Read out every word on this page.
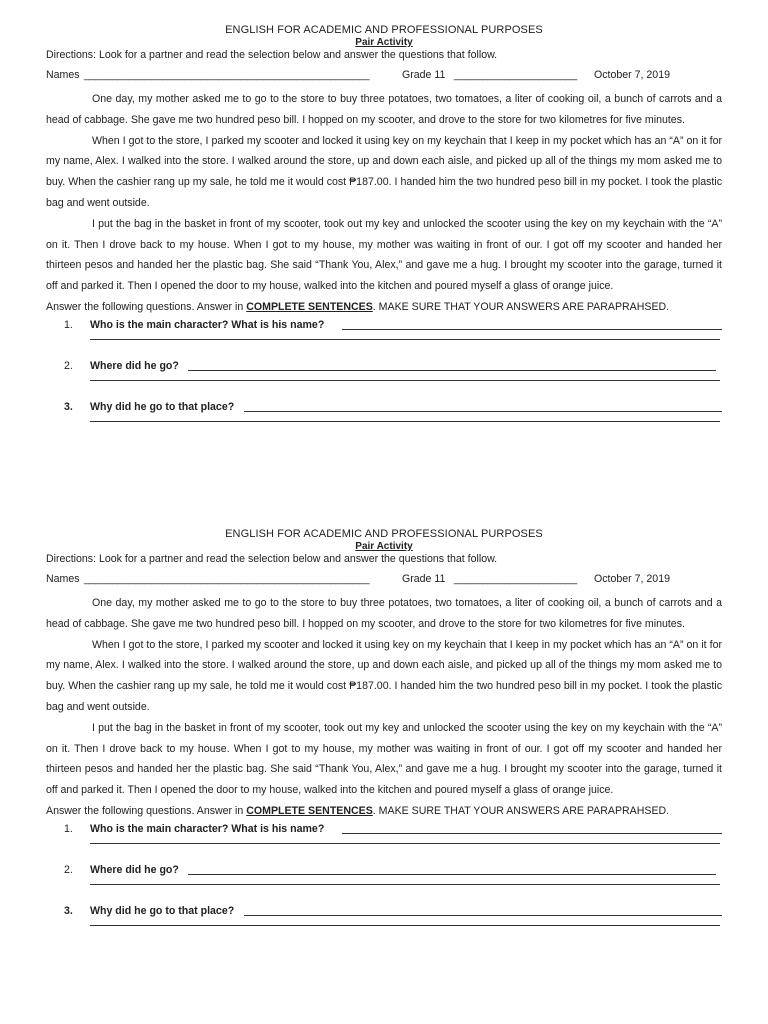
ENGLISH FOR ACADEMIC AND PROFESSIONAL PURPOSES
Pair Activity
Directions: Look for a partner and read the selection below and answer the questions that follow.
Names ___________________________________________________	Grade 11 ______________________ October 7, 2019

One day, my mother asked me to go to the store to buy three potatoes, two tomatoes, a liter of cooking oil, a bunch of carrots and a head of cabbage. She gave me two hundred peso bill. I hopped on my scooter, and drove to the store for two kilometres for five minutes.

When I got to the store, I parked my scooter and locked it using key on my keychain that I keep in my pocket which has an “A” on it for my name, Alex. I walked into the store. I walked around the store, up and down each aisle, and picked up all of the things my mom asked me to buy. When the cashier rang up my sale, he told me it would cost ₱187.00. I handed him the two hundred peso bill in my pocket. I took the plastic bag and went outside.

I put the bag in the basket in front of my scooter, took out my key and unlocked the scooter using the key on my keychain with the “A” on it. Then I drove back to my house. When I got to my house, my mother was waiting in front of our. I got off my scooter and handed her thirteen pesos and handed her the plastic bag. She said “Thank You, Alex,” and gave me a hug. I brought my scooter into the garage, turned it off and parked it. Then I opened the door to my house, walked into the kitchen and poured myself a glass of orange juice.

Answer the following questions. Answer in COMPLETE SENTENCES. MAKE SURE THAT YOUR ANSWERS ARE PARAPRAHSED.
1. Who is the main character? What is his name?
2. Where did he go?
3. Why did he go to that place?
ENGLISH FOR ACADEMIC AND PROFESSIONAL PURPOSES
Pair Activity
Directions: Look for a partner and read the selection below and answer the questions that follow.
Names ___________________________________________________	Grade 11 ______________________ October 7, 2019

One day, my mother asked me to go to the store to buy three potatoes, two tomatoes, a liter of cooking oil, a bunch of carrots and a head of cabbage. She gave me two hundred peso bill. I hopped on my scooter, and drove to the store for two kilometres for five minutes.

When I got to the store, I parked my scooter and locked it using key on my keychain that I keep in my pocket which has an “A” on it for my name, Alex. I walked into the store. I walked around the store, up and down each aisle, and picked up all of the things my mom asked me to buy. When the cashier rang up my sale, he told me it would cost ₱187.00. I handed him the two hundred peso bill in my pocket. I took the plastic bag and went outside.

I put the bag in the basket in front of my scooter, took out my key and unlocked the scooter using the key on my keychain with the “A” on it. Then I drove back to my house. When I got to my house, my mother was waiting in front of our. I got off my scooter and handed her thirteen pesos and handed her the plastic bag. She said “Thank You, Alex,” and gave me a hug. I brought my scooter into the garage, turned it off and parked it. Then I opened the door to my house, walked into the kitchen and poured myself a glass of orange juice.

Answer the following questions. Answer in COMPLETE SENTENCES. MAKE SURE THAT YOUR ANSWERS ARE PARAPRAHSED.
1. Who is the main character? What is his name?
2. Where did he go?
3. Why did he go to that place?
